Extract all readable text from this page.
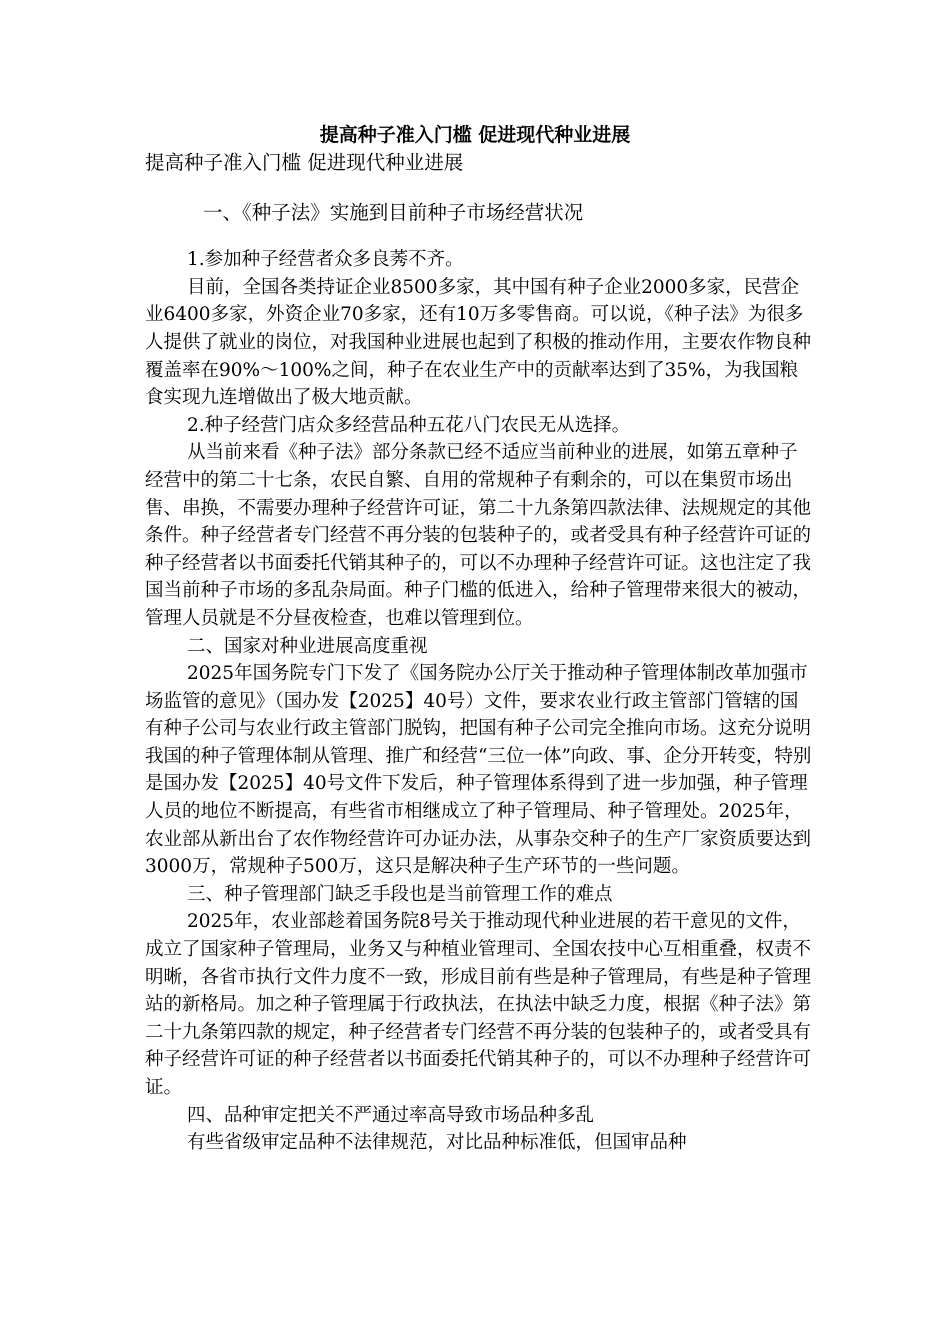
提高种子准入门槛 促进现代种业进展

提高种子准入门槛 促进现代种业进展

一、《种子法》实施到目前种子市场经营状况

1.参加种子经营者众多良莠不齐。

目前，全国各类持证企业8500多家，其中国有种子企业2000多家，民营企业6400多家，外资企业70多家，还有10万多零售商。可以说，《种子法》为很多人提供了就业的岗位，对我国种业进展也起到了积极的推动作用，主要农作物良种覆盖率在90%～100%之间，种子在农业生产中的贡献率达到了35%，为我国粮食实现九连增做出了极大地贡献。

2.种子经营门店众多经营品种五花八门农民无从选择。

从当前来看《种子法》部分条款已经不适应当前种业的进展，如第五章种子经营中的第二十七条，农民自繁、自用的常规种子有剩余的，可以在集贸市场出售、串换，不需要办理种子经营许可证，第二十九条第四款法律、法规规定的其他条件。种子经营者专门经营不再分装的包装种子的，或者受具有种子经营许可证的种子经营者以书面委托代销其种子的，可以不办理种子经营许可证。这也注定了我国当前种子市场的多乱杂局面。种子门槛的低进入，给种子管理带来很大的被动，管理人员就是不分昼夜检查，也难以管理到位。

二、国家对种业进展高度重视

2025年国务院专门下发了《国务院办公厅关于推动种子管理体制改革加强市场监管的意见》（国办发【2025】40号）文件，要求农业行政主管部门管辖的国有种子公司与农业行政主管部门脱钩，把国有种子公司完全推向市场。这充分说明我国的种子管理体制从管理、推广和经营“三位一体”向政、事、企分开转变，特别是国办发【2025】40号文件下发后，种子管理体系得到了进一步加强，种子管理人员的地位不断提高，有些省市相继成立了种子管理局、种子管理处。2025年，农业部从新出台了农作物经营许可办证办法，从事杂交种子的生产厂家资质要达到3000万，常规种子500万，这只是解决种子生产环节的一些问题。

三、种子管理部门缺乏手段也是当前管理工作的难点

2025年，农业部趁着国务院8号关于推动现代种业进展的若干意见的文件，成立了国家种子管理局，业务又与种植业管理司、全国农技中心互相重叠，权责不明晰，各省市执行文件力度不一致，形成目前有些是种子管理局，有些是种子管理站的新格局。加之种子管理属于行政执法，在执法中缺乏力度，根据《种子法》第二十九条第四款的规定，种子经营者专门经营不再分装的包装种子的，或者受具有种子经营许可证的种子经营者以书面委托代销其种子的，可以不办理种子经营许可证。

四、品种审定把关不严通过率高导致市场品种多乱

有些省级审定品种不法律规范，对比品种标准低，但国审品种
